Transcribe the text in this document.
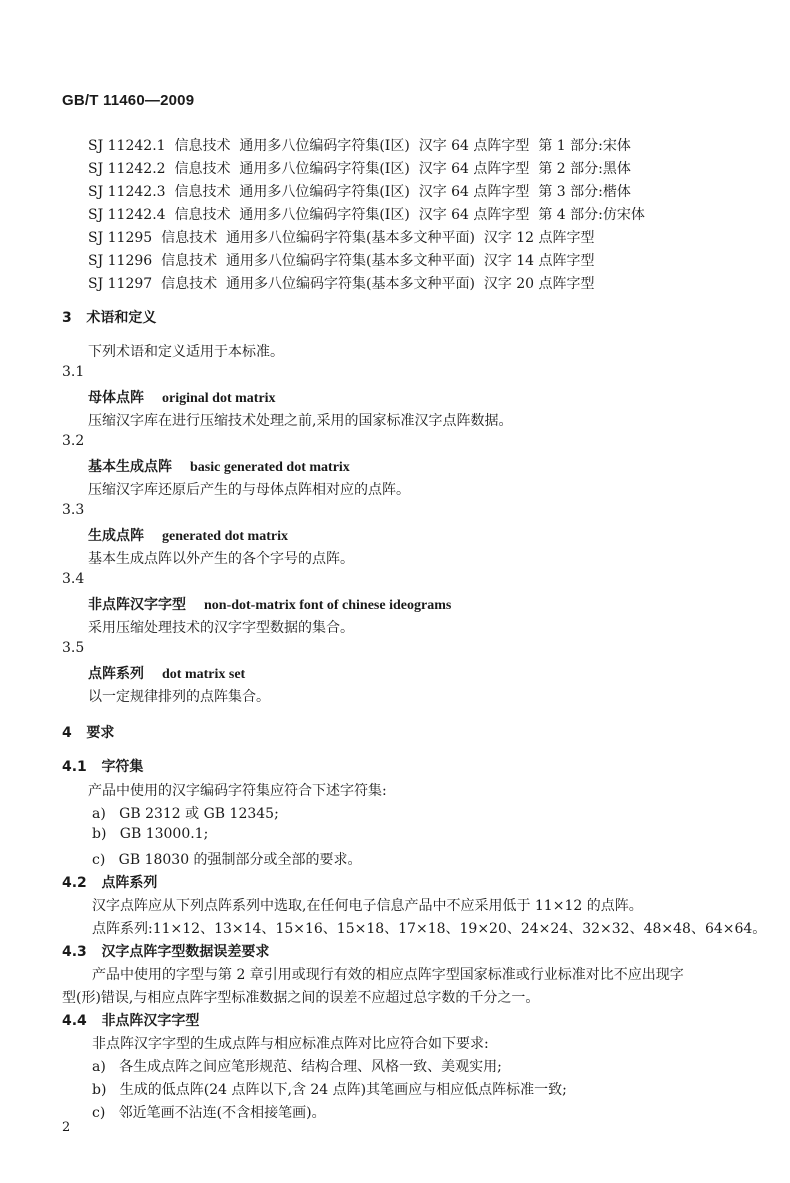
GB/T 11460—2009
SJ 11242.1  信息技术  通用多八位编码字符集(Ⅰ区)  汉字 64 点阵字型  第 1 部分:宋体
SJ 11242.2  信息技术  通用多八位编码字符集(Ⅰ区)  汉字 64 点阵字型  第 2 部分:黑体
SJ 11242.3  信息技术  通用多八位编码字符集(Ⅰ区)  汉字 64 点阵字型  第 3 部分:楷体
SJ 11242.4  信息技术  通用多八位编码字符集(Ⅰ区)  汉字 64 点阵字型  第 4 部分:仿宋体
SJ 11295  信息技术  通用多八位编码字符集(基本多文种平面)  汉字 12 点阵字型
SJ 11296  信息技术  通用多八位编码字符集(基本多文种平面)  汉字 14 点阵字型
SJ 11297  信息技术  通用多八位编码字符集(基本多文种平面)  汉字 20 点阵字型
3 术语和定义
下列术语和定义适用于本标准。
3.1
母体点阵 original dot matrix
压缩汉字库在进行压缩技术处理之前,采用的国家标准汉字点阵数据。
3.2
基本生成点阵 basic generated dot matrix
压缩汉字库还原后产生的与母体点阵相对应的点阵。
3.3
生成点阵 generated dot matrix
基本生成点阵以外产生的各个字号的点阵。
3.4
非点阵汉字字型 non-dot-matrix font of chinese ideograms
采用压缩处理技术的汉字字型数据的集合。
3.5
点阵系列 dot matrix set
以一定规律排列的点阵集合。
4 要求
4.1 字符集
产品中使用的汉字编码字符集应符合下述字符集:
a)   GB 2312 或 GB 12345;
b)   GB 13000.1;
c)   GB 18030 的强制部分或全部的要求。
4.2 点阵系列
汉字点阵应从下列点阵系列中选取,在任何电子信息产品中不应采用低于 11×12 的点阵。
点阵系列:11×12、13×14、15×16、15×18、17×18、19×20、24×24、32×32、48×48、64×64。
4.3 汉字点阵字型数据误差要求
产品中使用的字型与第 2 章引用或现行有效的相应点阵字型国家标准或行业标准对比不应出现字
型(形)错误,与相应点阵字型标准数据之间的误差不应超过总字数的千分之一。
4.4 非点阵汉字字型
非点阵汉字字型的生成点阵与相应标准点阵对比应符合如下要求:
a)   各生成点阵之间应笔形规范、结构合理、风格一致、美观实用;
b)   生成的低点阵(24 点阵以下,含 24 点阵)其笔画应与相应低点阵标准一致;
c)   邻近笔画不沾连(不含相接笔画)。
2
